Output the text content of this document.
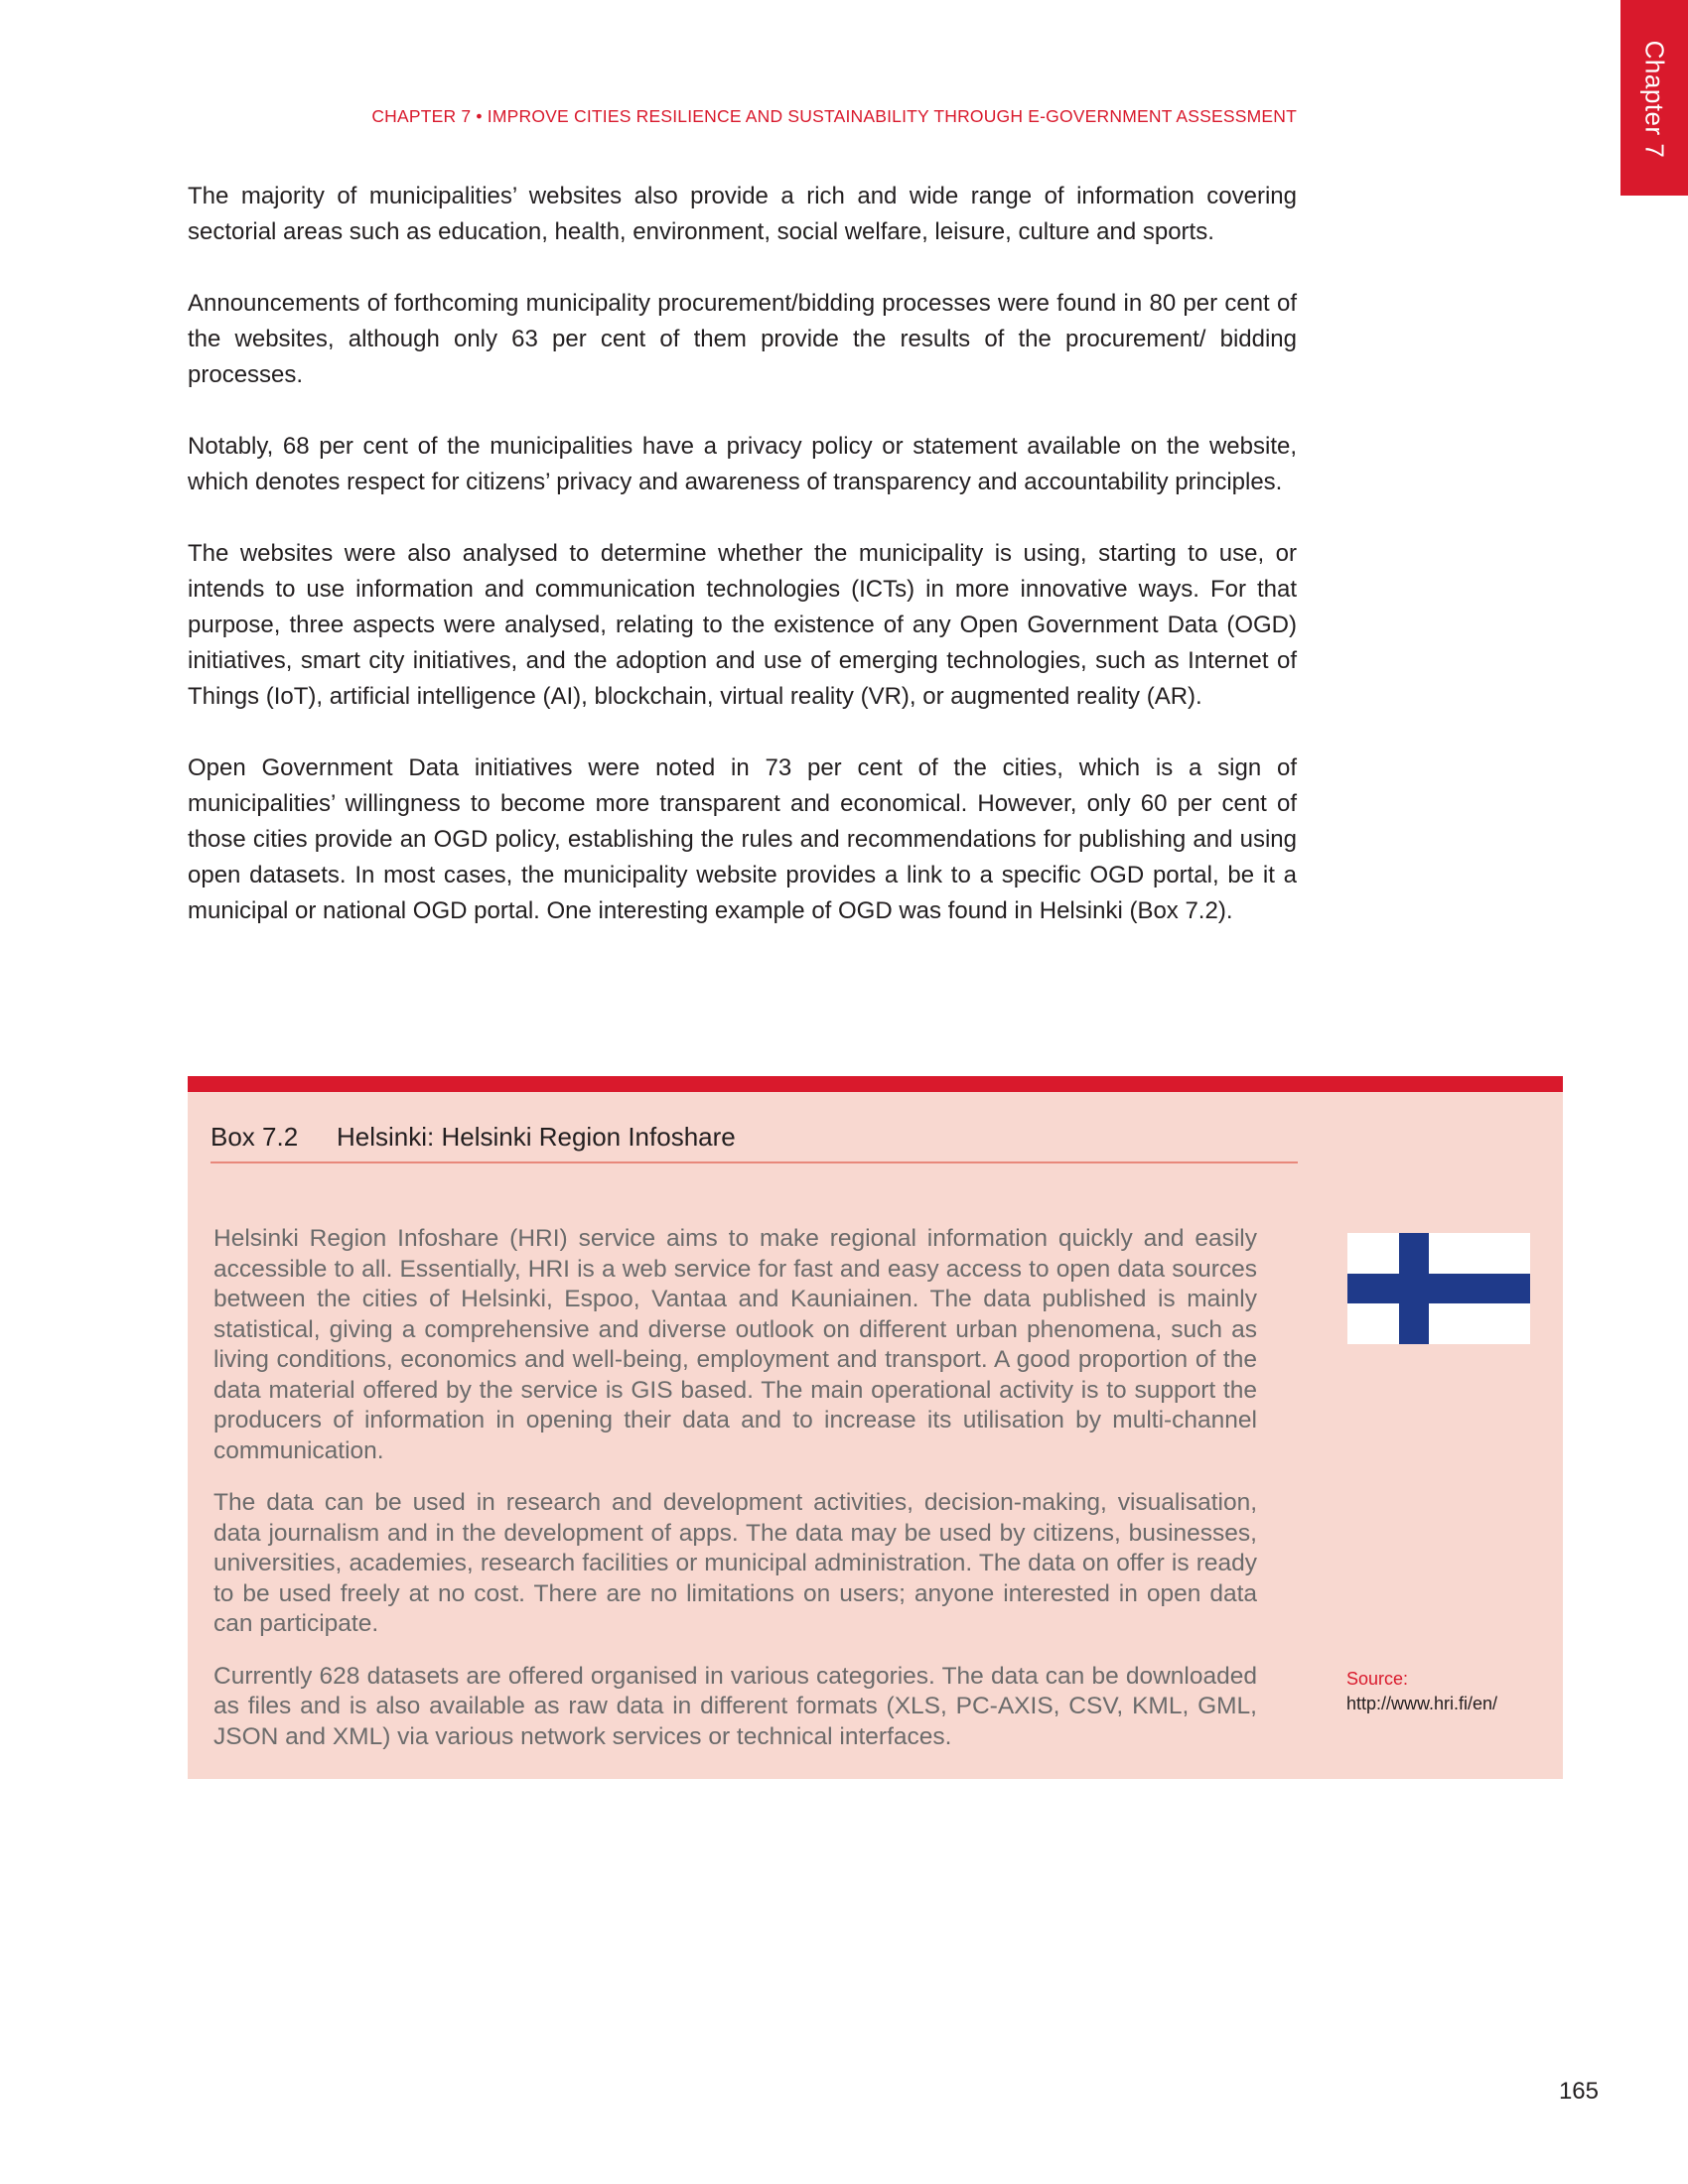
Chapter 7
CHAPTER 7 • IMPROVE CITIES RESILIENCE AND SUSTAINABILITY THROUGH E-GOVERNMENT ASSESSMENT

The majority of municipalities’ websites also provide a rich and wide range of information covering sectorial areas such as education, health, environment, social welfare, leisure, culture and sports.

Announcements of forthcoming municipality procurement/bidding processes were found in 80 per cent of the websites, although only 63 per cent of them provide the results of the procurement/ bidding processes.

Notably, 68 per cent of the municipalities have a privacy policy or statement available on the website, which denotes respect for citizens’ privacy and awareness of transparency and accountability principles.

The websites were also analysed to determine whether the municipality is using, starting to use, or intends to use information and communication technologies (ICTs) in more innovative ways. For that purpose, three aspects were analysed, relating to the existence of any Open Government Data (OGD) initiatives, smart city initiatives, and the adoption and use of emerging technologies, such as Internet of Things (IoT), artificial intelligence (AI), blockchain, virtual reality (VR), or augmented reality (AR).

Open Government Data initiatives were noted in 73 per cent of the cities, which is a sign of municipalities’ willingness to become more transparent and economical. However, only 60 per cent of those cities provide an OGD policy, establishing the rules and recommendations for publishing and using open datasets. In most cases, the municipality website provides a link to a specific OGD portal, be it a municipal or national OGD portal. One interesting example of OGD was found in Helsinki (Box 7.2).

Box 7.2 Helsinki: Helsinki Region Infoshare

Helsinki Region Infoshare (HRI) service aims to make regional information quickly and easily accessible to all. Essentially, HRI is a web service for fast and easy access to open data sources between the cities of Helsinki, Espoo, Vantaa and Kauniainen. The data published is mainly statistical, giving a comprehensive and diverse outlook on different urban phenomena, such as living conditions, economics and well-being, employment and transport. A good proportion of the data material offered by the service is GIS based. The main operational activity is to support the producers of information in opening their data and to increase its utilisation by multi-channel communication.

The data can be used in research and development activities, decision-making, visualisation, data journalism and in the development of apps. The data may be used by citizens, businesses, universities, academies, research facilities or municipal administration. The data on offer is ready to be used freely at no cost. There are no limitations on users; anyone interested in open data can participate.

Currently 628 datasets are offered organised in various categories. The data can be downloaded as files and is also available as raw data in different formats (XLS, PC-AXIS, CSV, KML, GML, JSON and XML) via various network services or technical interfaces.

Source: http://www.hri.fi/en/
165
